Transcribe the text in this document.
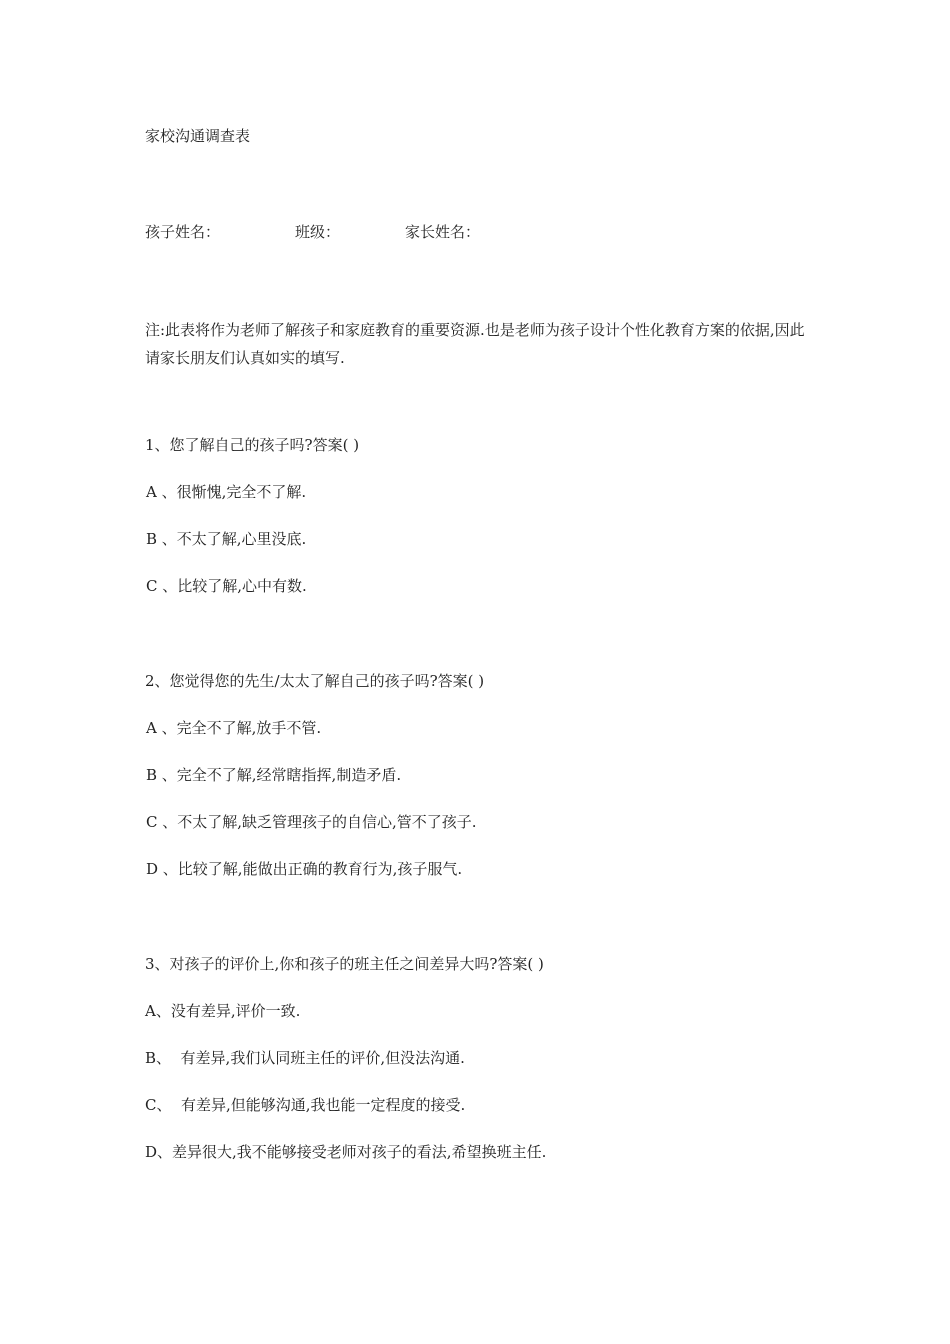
家校沟通调查表
孩子姓名：	班级：	家长姓名：
注:此表将作为老师了解孩子和家庭教育的重要资源.也是老师为孩子设计个性化教育方案的依据,因此请家长朋友们认真如实的填写.
1、您了解自己的孩子吗?答案( )
A 、很惭愧,完全不了解.
B 、不太了解,心里没底.
C 、比较了解,心中有数.
2、您觉得您的先生/太太了解自己的孩子吗?答案( )
A 、完全不了解,放手不管.
B 、完全不了解,经常瞎指挥,制造矛盾.
C 、不太了解,缺乏管理孩子的自信心,管不了孩子.
D 、比较了解,能做出正确的教育行为,孩子服气.
3、对孩子的评价上,你和孩子的班主任之间差异大吗?答案( )
A、没有差异,评价一致.
B、  有差异,我们认同班主任的评价,但没法沟通.
C、  有差异,但能够沟通,我也能一定程度的接受.
D、差异很大,我不能够接受老师对孩子的看法,希望换班主任.
